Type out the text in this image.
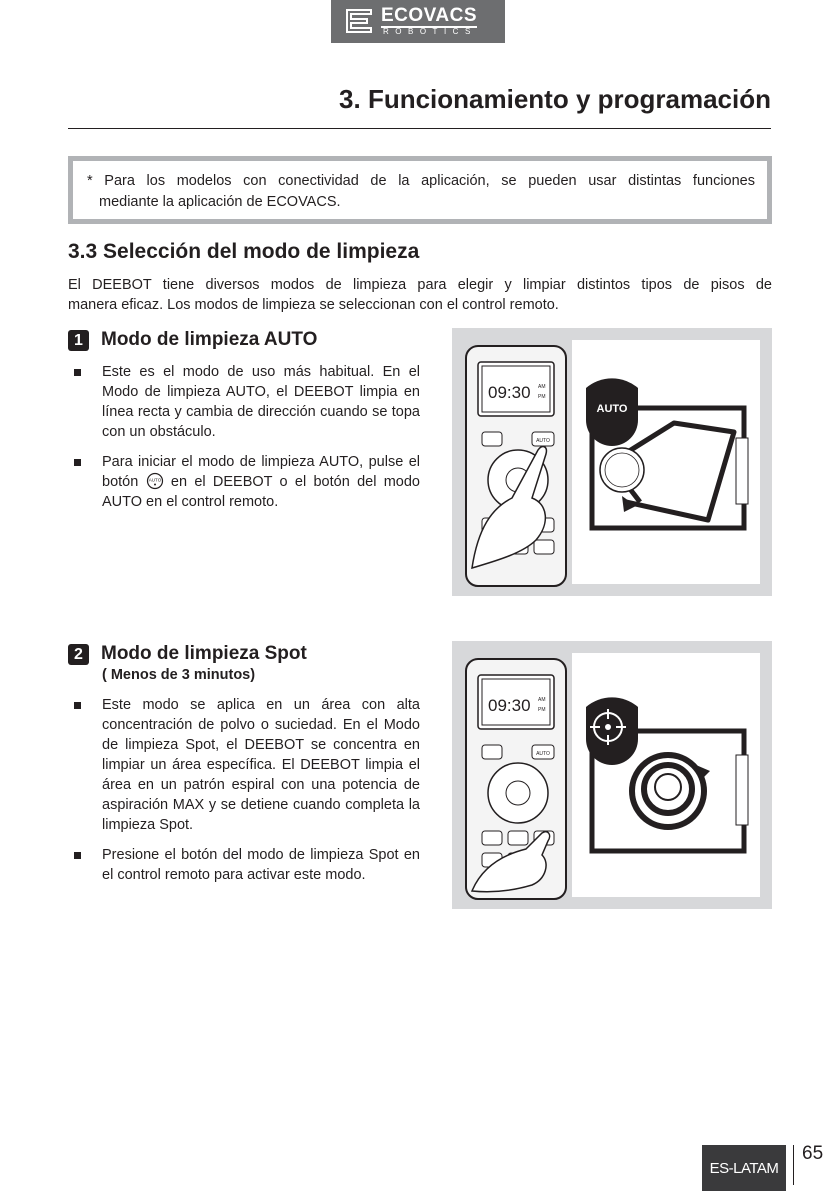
ECOVACS
ROBOTICS
3. Funcionamiento y programación
* Para los modelos con conectividad de la aplicación, se pueden usar distintas funciones
mediante la aplicación de ECOVACS.
3.3 Selección del modo de limpieza

El DEEBOT tiene diversos modos de limpieza para elegir y limpiar distintos tipos de pisos de
manera eficaz. Los modos de limpieza se seleccionan con el control remoto.

1 Modo de limpieza AUTO
Este es el modo de uso más habitual. En el Modo de limpieza AUTO, el DEEBOT limpia en línea recta y cambia de dirección cuando se topa con un obstáculo.
Para iniciar el modo de limpieza AUTO, pulse el botón AUTO en el DEEBOT o el botón del modo AUTO en el control remoto.
09:30 AM
PM
AUTO
AUTO
2 Modo de limpieza Spot
( Menos de 3 minutos)
Este modo se aplica en un área con alta concentración de polvo o suciedad. En el Modo de limpieza Spot, el DEEBOT se concentra en limpiar un área específica. El DEEBOT limpia el área en un patrón espiral con una potencia de aspiración MAX y se detiene cuando completa la limpieza Spot.
Presione el botón del modo de limpieza Spot en el control remoto para activar este modo.
09:30 AM
PM
AUTO
ES-LATAM
65
